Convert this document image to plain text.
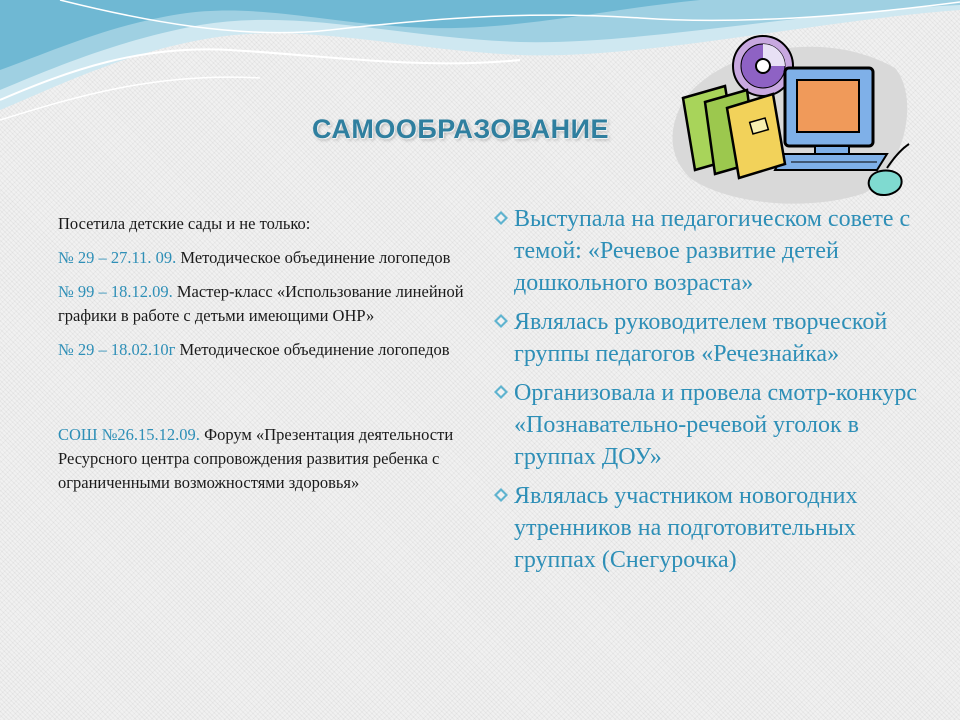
САМООБРАЗОВАНИЕ

Посетила детские сады и не только:

№ 29 – 27.11. 09. Методическое объединение логопедов

№ 99 – 18.12.09. Мастер-класс «Использование линейной графики в работе с детьми имеющими ОНР»

№ 29 – 18.02.10г Методическое объединение логопедов

СОШ №26.15.12.09. Форум «Презентация деятельности Ресурсного центра сопровождения развития ребенка с ограниченными возможностями здоровья»

Выступала на педагогическом совете с темой: «Речевое развитие детей дошкольного возраста»
Являлась руководителем творческой группы педагогов «Речезнайка»
Организовала и провела смотр-конкурс «Познавательно-речевой уголок в группах ДОУ»
Являлась участником новогодних утренников на подготовительных группах (Снегурочка)
